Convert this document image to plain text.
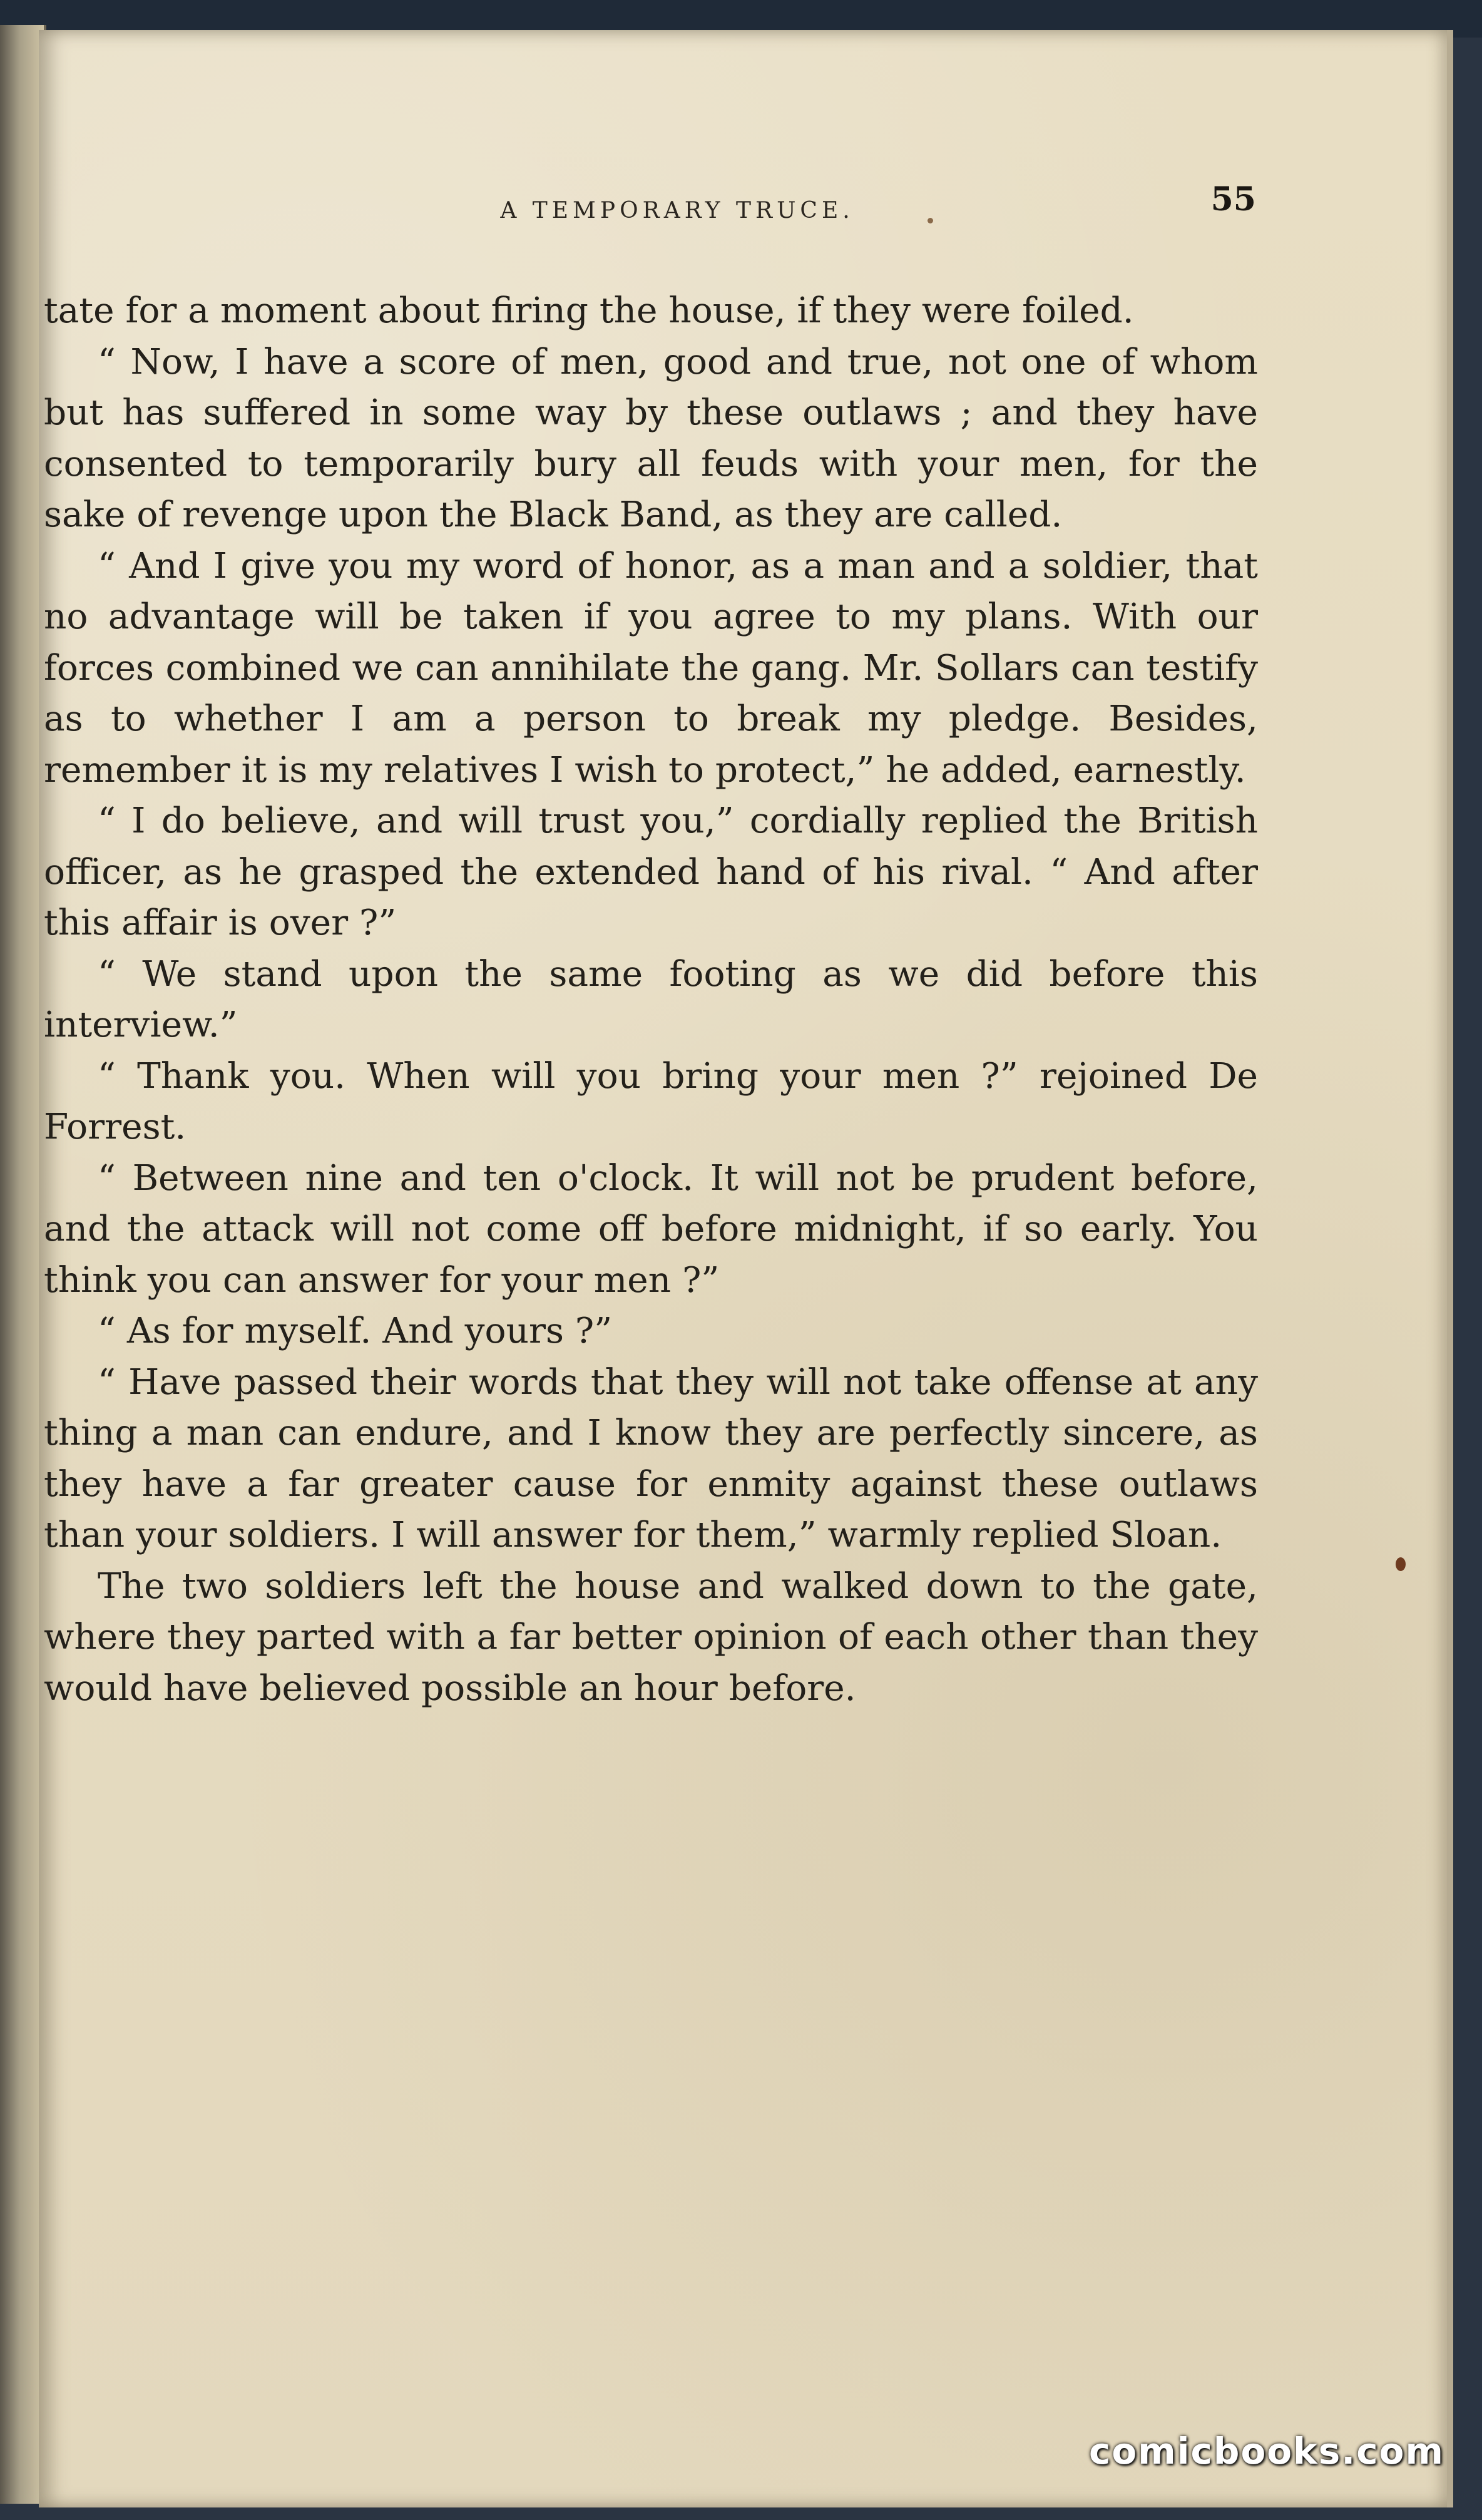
A TEMPORARY TRUCE.	55

tate for a moment about firing the house, if they were foiled.

“ Now, I have a score of men, good and true, not one of whom but has suffered in some way by these outlaws ; and they have consented to temporarily bury all feuds with your men, for the sake of revenge upon the Black Band, as they are called.

“ And I give you my word of honor, as a man and a soldier, that no advantage will be taken if you agree to my plans. With our forces combined we can annihilate the gang. Mr. Sollars can testify as to whether I am a person to break my pledge. Besides, remember it is my relatives I wish to protect,” he added, earnestly.

“ I do believe, and will trust you,” cordially replied the British officer, as he grasped the extended hand of his rival. “ And after this affair is over ?”

“ We stand upon the same footing as we did before this interview.”

“ Thank you. When will you bring your men ?” rejoined De Forrest.

“ Between nine and ten o'clock. It will not be prudent before, and the attack will not come off before midnight, if so early. You think you can answer for your men ?”

“ As for myself. And yours ?”

“ Have passed their words that they will not take offense at any thing a man can endure, and I know they are perfectly sincere, as they have a far greater cause for enmity against these outlaws than your soldiers. I will answer for them,” warmly replied Sloan.

The two soldiers left the house and walked down to the gate, where they parted with a far better opinion of each other than they would have believed possible an hour before.

comicbooks.com
